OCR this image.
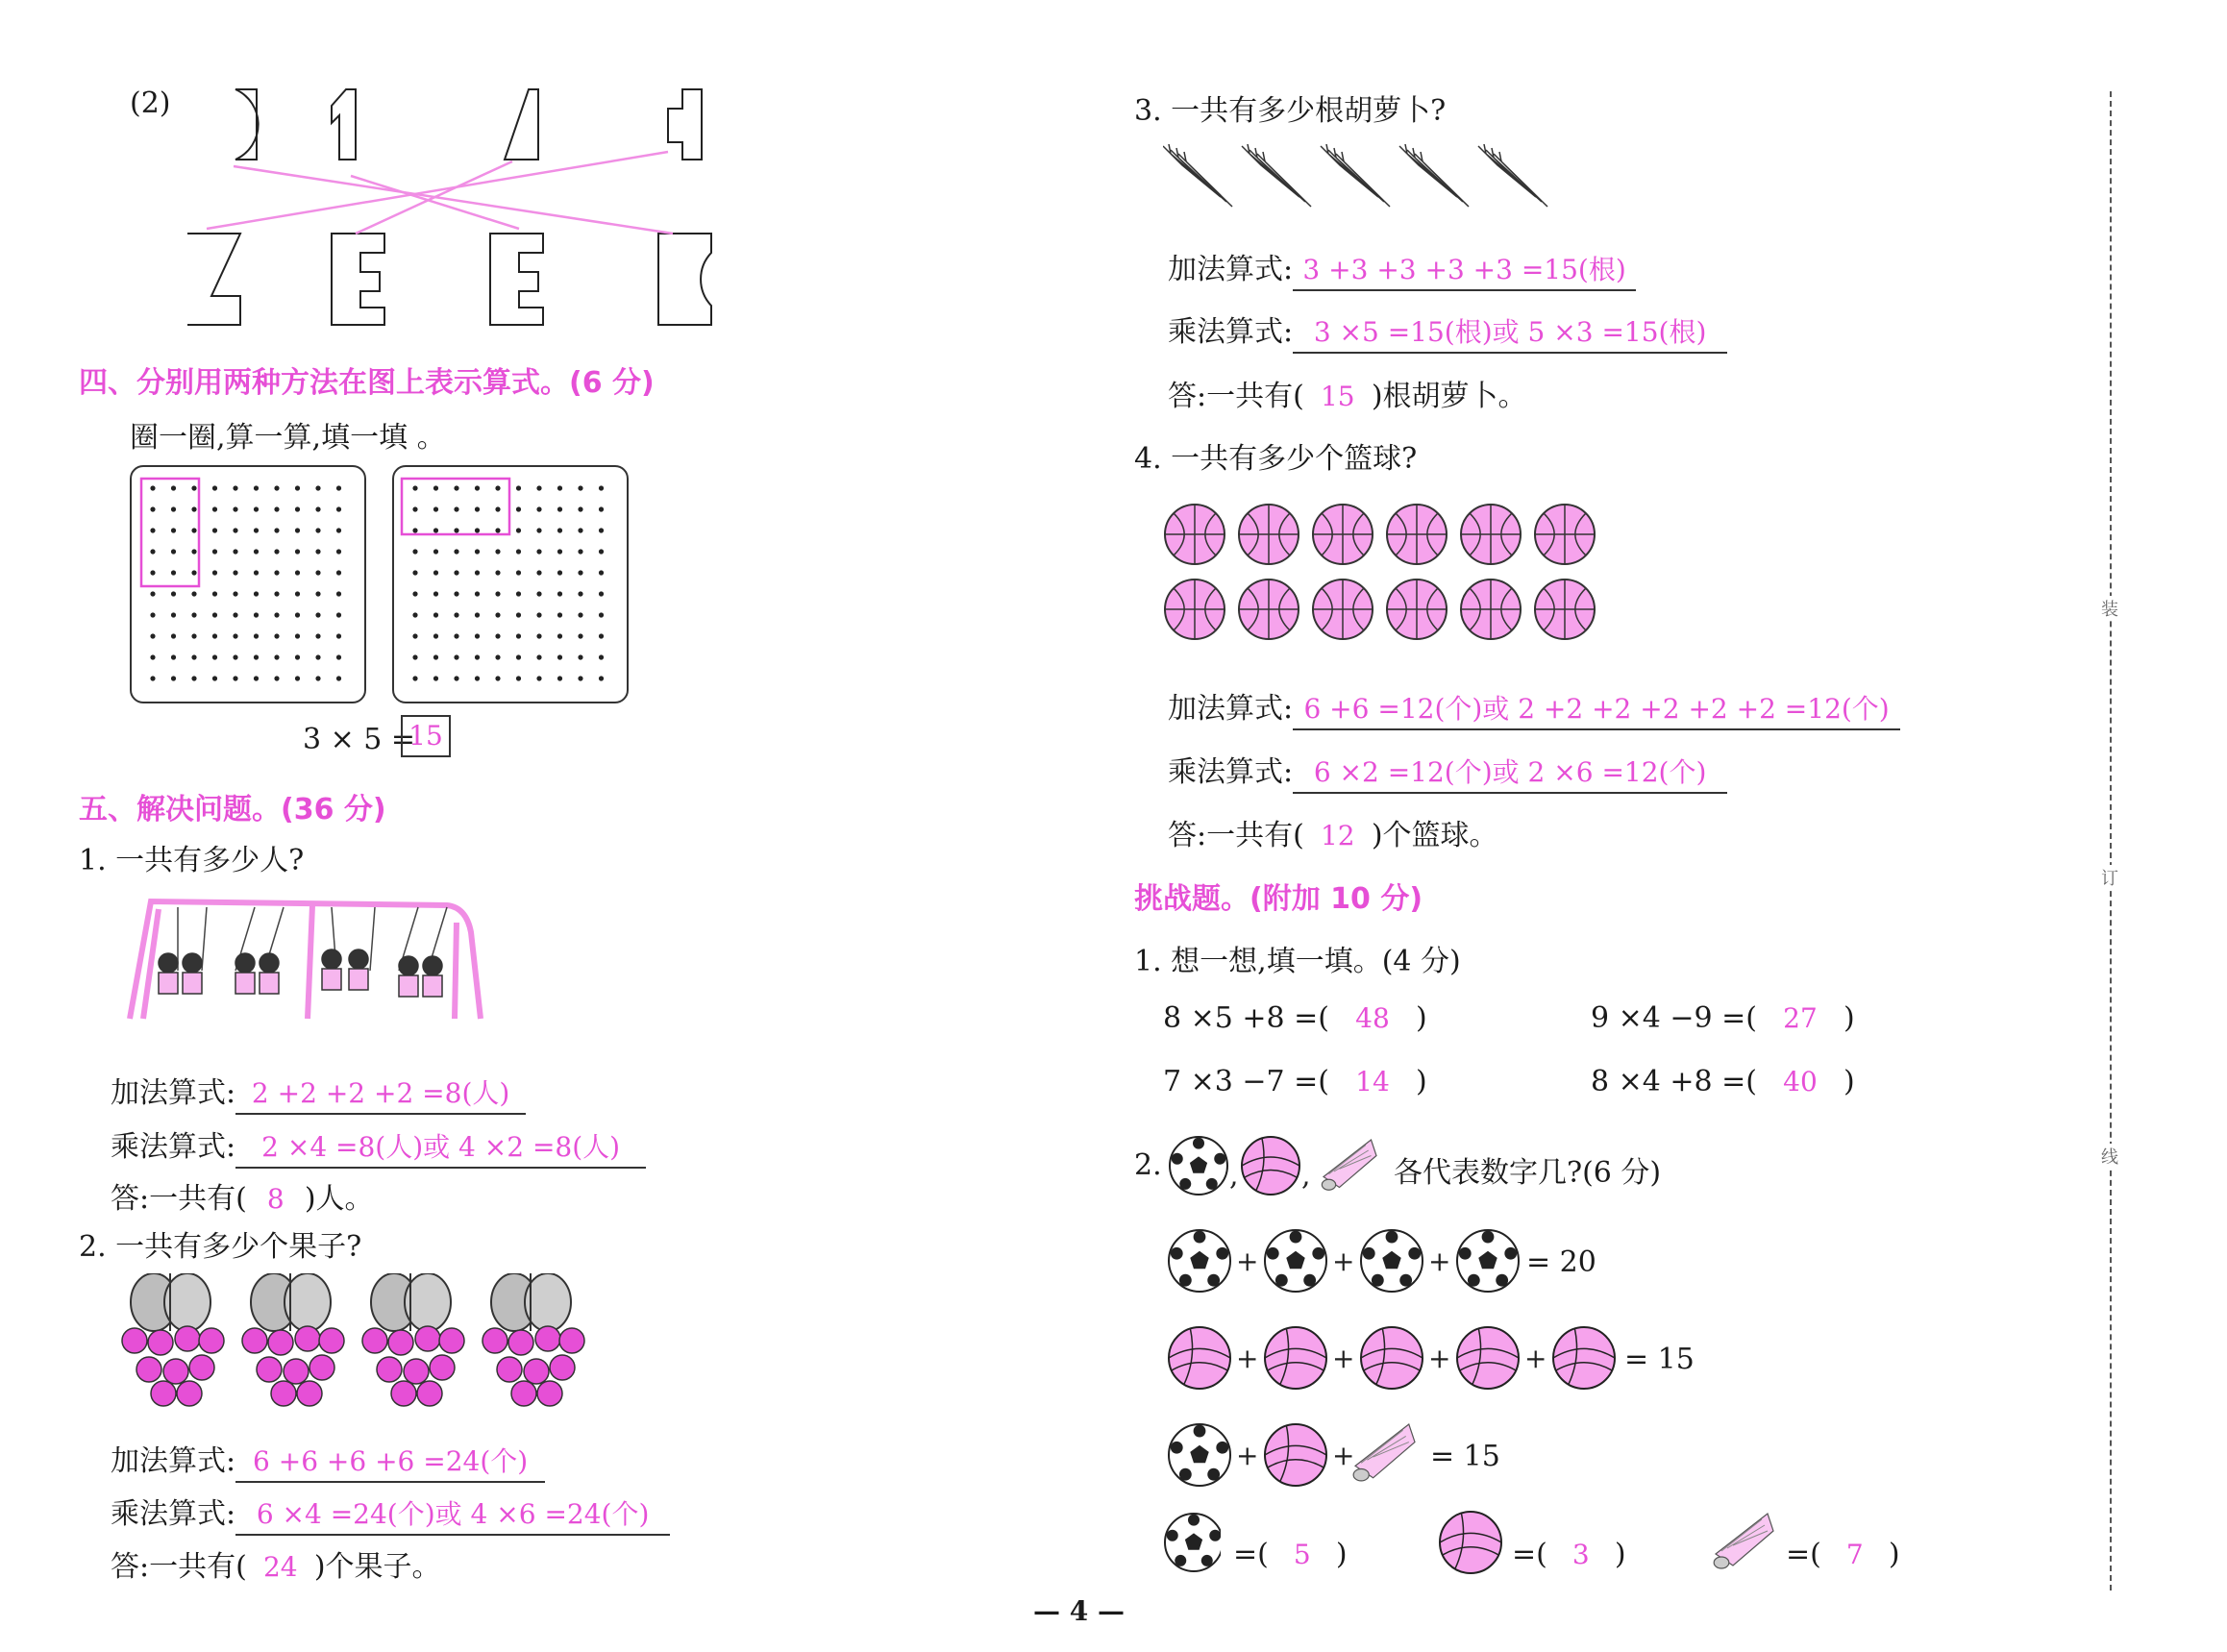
(2)
四、分别用两种方法在图上表示算式。(6 分)
圈一圈,算一算,填一填 。
3 × 5 =
15
五、解决问题。(36 分)
1. 一共有多少人?
加法算式: 2 +2 +2 +2 =8(人)
乘法算式: 2 ×4 =8(人)或 4 ×2 =8(人)
答:一共有( 8 )人。
2. 一共有多少个果子?
加法算式: 6 +6 +6 +6 =24(个)
乘法算式: 6 ×4 =24(个)或 4 ×6 =24(个)
答:一共有( 24 )个果子。
3. 一共有多少根胡萝卜?
加法算式: 3 +3 +3 +3 +3 =15(根)
乘法算式: 3 ×5 =15(根)或 5 ×3 =15(根)
答:一共有( 15 )根胡萝卜。
4. 一共有多少个篮球?
加法算式: 6 +6 =12(个)或 2 +2 +2 +2 +2 +2 =12(个)
乘法算式: 6 ×2 =12(个)或 2 ×6 =12(个)
答:一共有( 12 )个篮球。
挑战题。(附加 10 分)
1. 想一想,填一填。(4 分)
8 ×5 +8 =( 48 )	9 ×4 −9 =( 27 )
7 ×3 −7 =( 14 )	8 ×4 +8 =( 40 )
2. , ,	各代表数字几?(6 分)
+	+	+
+	+	+	+
+	+
= 20
= 15
= 15
=( 5 )	=( 3 )	=( 7 )
装
订
线
— 4 —
